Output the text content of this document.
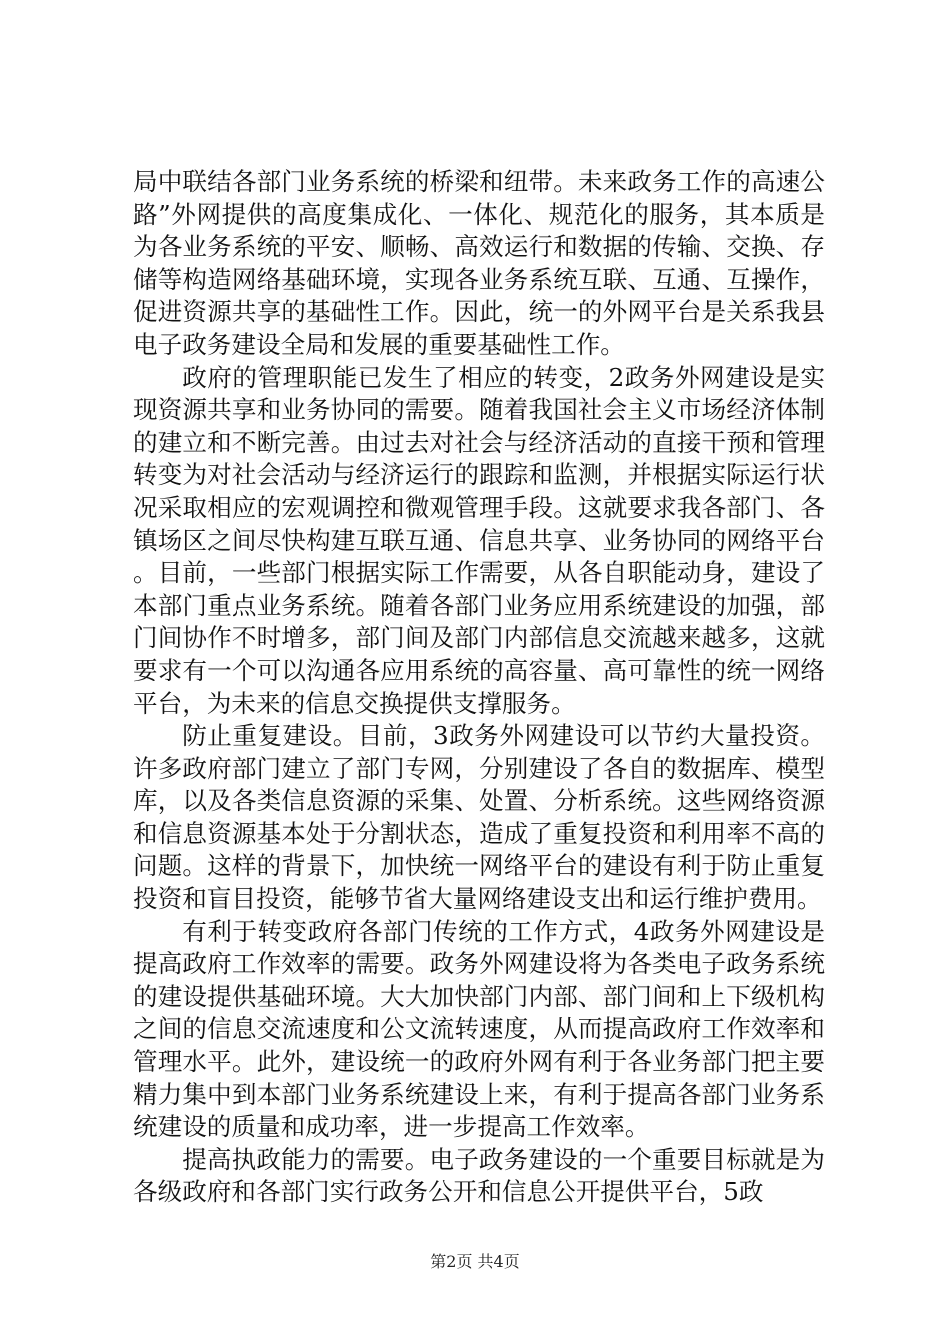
局中联结各部门业务系统的桥梁和纽带。未来政务工作的高速公路”外网提供的高度集成化、一体化、规范化的服务，其本质是为各业务系统的平安、顺畅、高效运行和数据的传输、交换、存储等构造网络基础环境，实现各业务系统互联、互通、互操作，促进资源共享的基础性工作。因此，统一的外网平台是关系我县电子政务建设全局和发展的重要基础性工作。

政府的管理职能已发生了相应的转变，2政务外网建设是实现资源共享和业务协同的需要。随着我国社会主义市场经济体制的建立和不断完善。由过去对社会与经济活动的直接干预和管理转变为对社会活动与经济运行的跟踪和监测，并根据实际运行状况采取相应的宏观调控和微观管理手段。这就要求我各部门、各镇场区之间尽快构建互联互通、信息共享、业务协同的网络平台。目前，一些部门根据实际工作需要，从各自职能动身，建设了本部门重点业务系统。随着各部门业务应用系统建设的加强，部门间协作不时增多，部门间及部门内部信息交流越来越多，这就要求有一个可以沟通各应用系统的高容量、高可靠性的统一网络平台，为未来的信息交换提供支撑服务。

防止重复建设。目前，3政务外网建设可以节约大量投资。许多政府部门建立了部门专网，分别建设了各自的数据库、模型库，以及各类信息资源的采集、处置、分析系统。这些网络资源和信息资源基本处于分割状态，造成了重复投资和利用率不高的问题。这样的背景下，加快统一网络平台的建设有利于防止重复投资和盲目投资，能够节省大量网络建设支出和运行维护费用。

有利于转变政府各部门传统的工作方式，4政务外网建设是提高政府工作效率的需要。政务外网建设将为各类电子政务系统的建设提供基础环境。大大加快部门内部、部门间和上下级机构之间的信息交流速度和公文流转速度，从而提高政府工作效率和管理水平。此外，建设统一的政府外网有利于各业务部门把主要精力集中到本部门业务系统建设上来，有利于提高各部门业务系统建设的质量和成功率，进一步提高工作效率。

提高执政能力的需要。电子政务建设的一个重要目标就是为各级政府和各部门实行政务公开和信息公开提供平台，5政

第2页 共4页
